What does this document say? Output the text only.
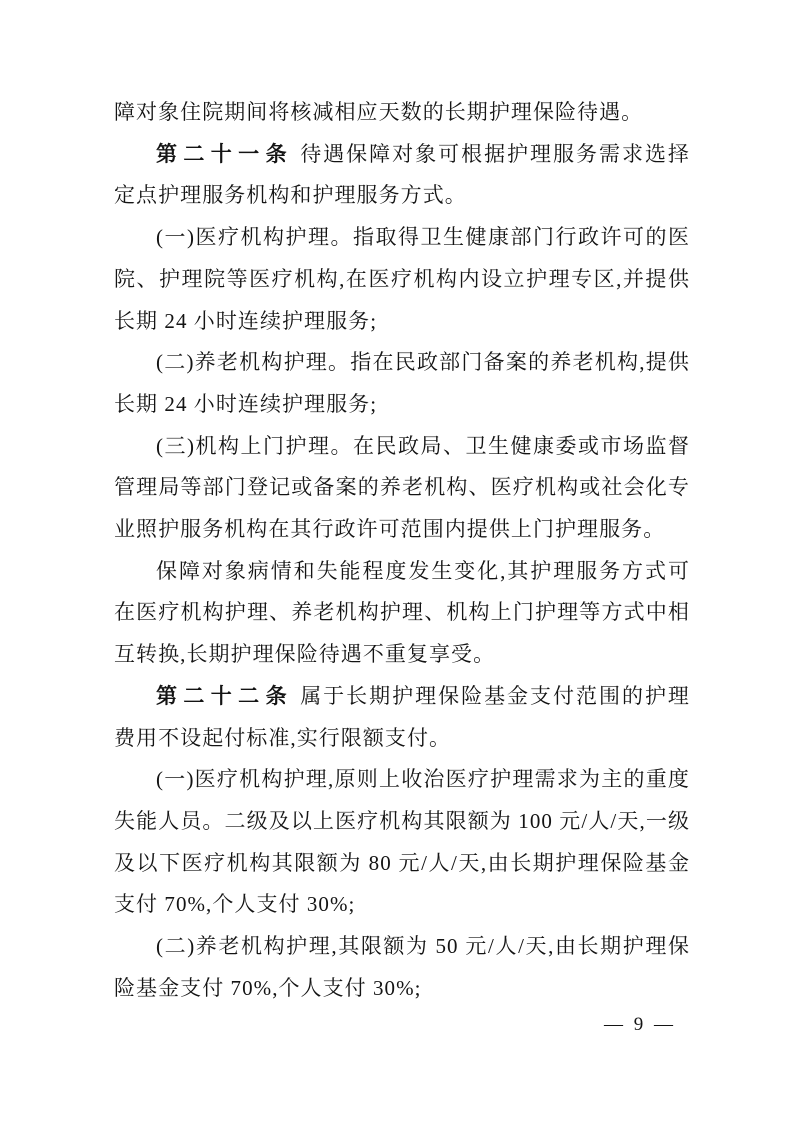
障对象住院期间将核减相应天数的长期护理保险待遇。

第二十一条 待遇保障对象可根据护理服务需求选择定点护理服务机构和护理服务方式。

(一)医疗机构护理。指取得卫生健康部门行政许可的医院、护理院等医疗机构,在医疗机构内设立护理专区,并提供长期 24 小时连续护理服务;

(二)养老机构护理。指在民政部门备案的养老机构,提供长期 24 小时连续护理服务;

(三)机构上门护理。在民政局、卫生健康委或市场监督管理局等部门登记或备案的养老机构、医疗机构或社会化专业照护服务机构在其行政许可范围内提供上门护理服务。

保障对象病情和失能程度发生变化,其护理服务方式可在医疗机构护理、养老机构护理、机构上门护理等方式中相互转换,长期护理保险待遇不重复享受。

第二十二条 属于长期护理保险基金支付范围的护理费用不设起付标准,实行限额支付。

(一)医疗机构护理,原则上收治医疗护理需求为主的重度失能人员。二级及以上医疗机构其限额为 100 元/人/天,一级及以下医疗机构其限额为 80 元/人/天,由长期护理保险基金支付 70%,个人支付 30%;

(二)养老机构护理,其限额为 50 元/人/天,由长期护理保险基金支付 70%,个人支付 30%;

— 9 —
